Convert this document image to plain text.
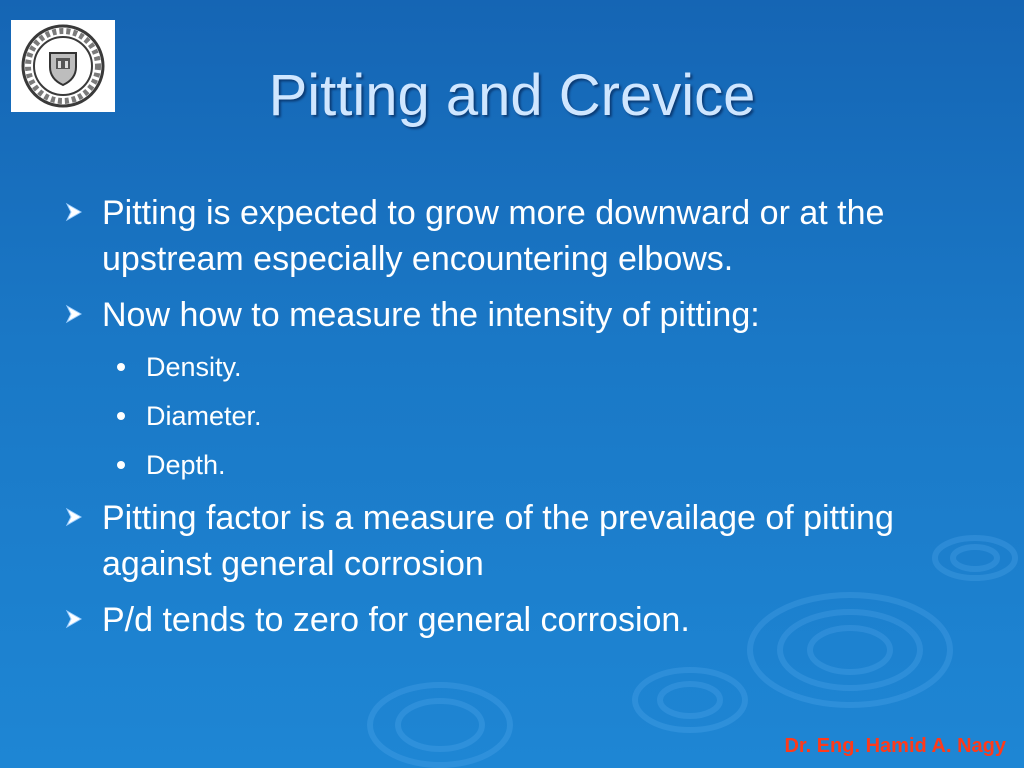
Pitting and Crevice
Pitting is expected to grow more downward or at the upstream especially encountering elbows.
Now how to measure the intensity of pitting:
Density.
Diameter.
Depth.
Pitting factor is a measure of the prevailage of pitting against general corrosion
P/d tends to zero for general corrosion.
Dr. Eng. Hamid A. Nagy
